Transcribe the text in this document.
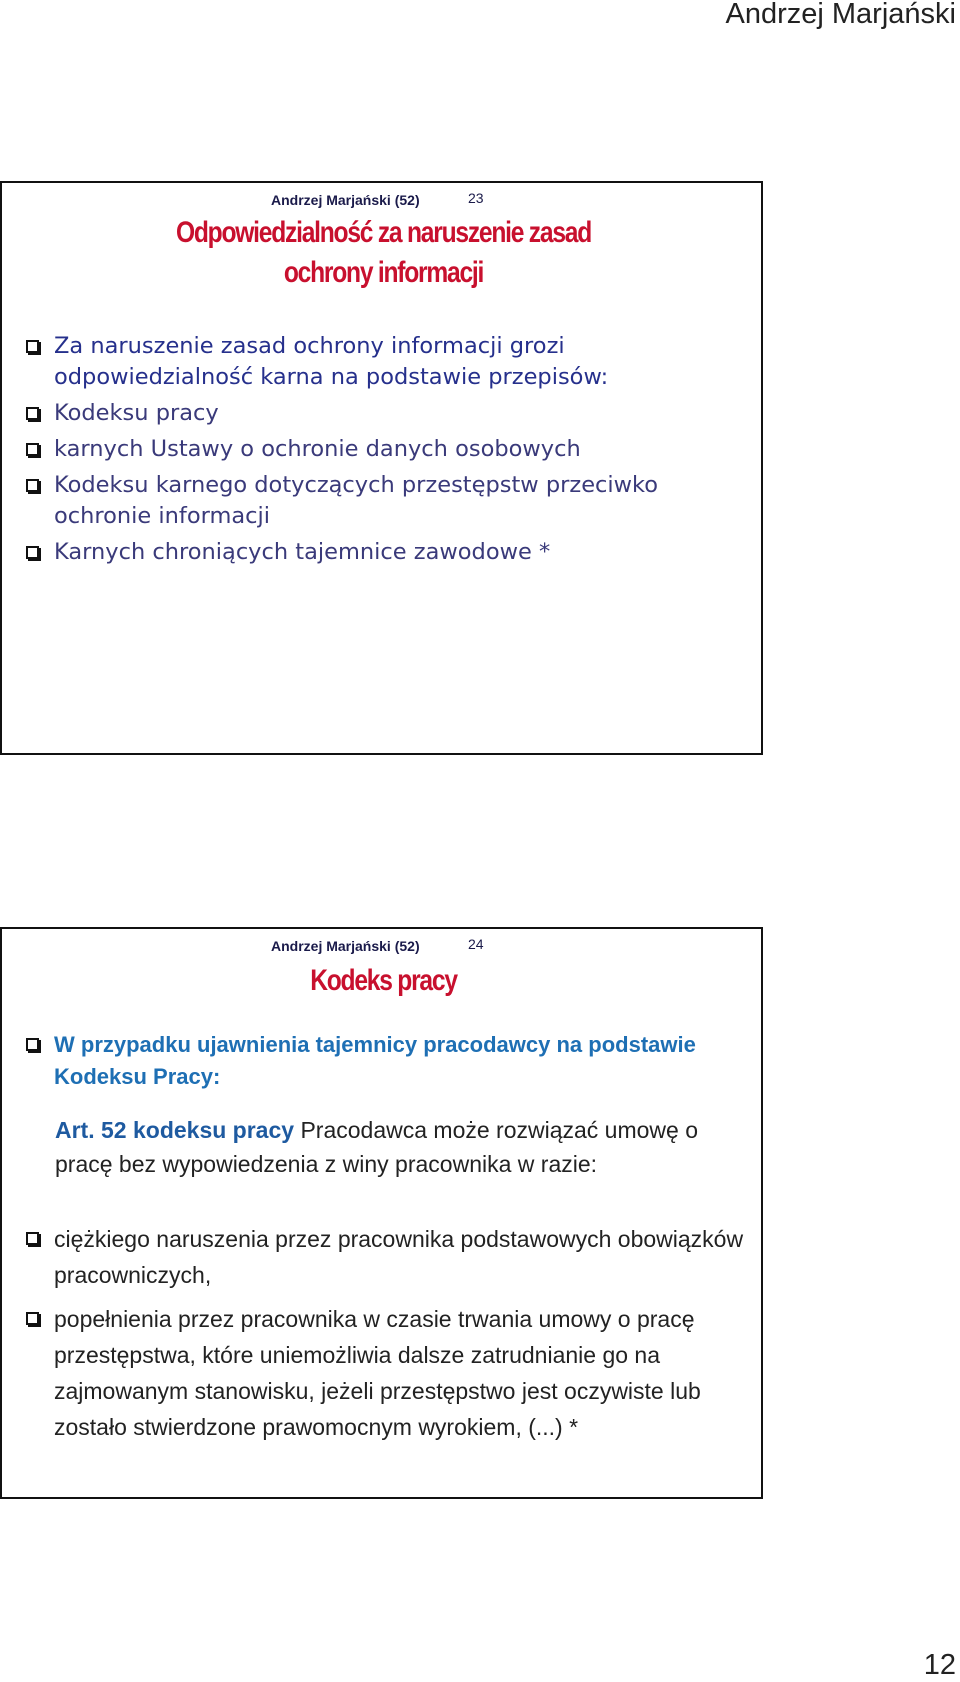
Andrzej Marjański
Andrzej Marjański (52)	23
Odpowiedzialność za naruszenie zasad
ochrony informacji
Za naruszenie zasad ochrony informacji grozi odpowiedzialność karna na podstawie przepisów:
Kodeksu pracy
karnych Ustawy o ochronie danych osobowych
Kodeksu karnego dotyczących przestępstw przeciwko ochronie informacji
Karnych chroniących tajemnice zawodowe *
Andrzej Marjański (52)	24
Kodeks pracy
W przypadku ujawnienia tajemnicy pracodawcy na podstawie Kodeksu Pracy:
Art. 52 kodeksu pracy Pracodawca może rozwiązać umowę o pracę bez wypowiedzenia z winy pracownika w razie:
ciężkiego naruszenia przez pracownika podstawowych obowiązków pracowniczych,
popełnienia przez pracownika w czasie trwania umowy o pracę przestępstwa, które uniemożliwia dalsze zatrudnianie go na zajmowanym stanowisku, jeżeli przestępstwo jest oczywiste lub zostało stwierdzone prawomocnym wyrokiem, (...) *
12
